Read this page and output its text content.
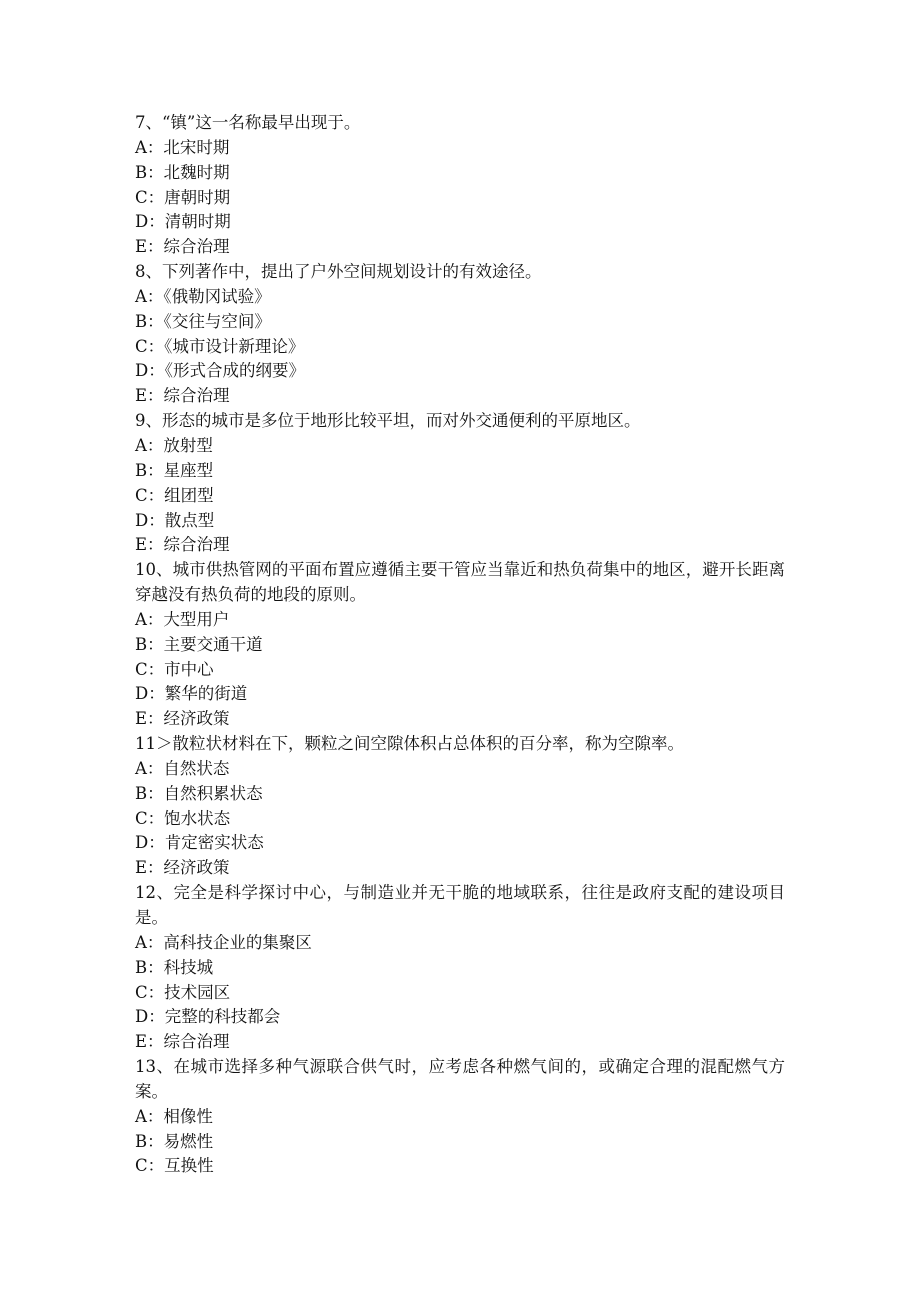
7、“镇”这一名称最早出现于。

A：北宋时期

B：北魏时期

C：唐朝时期

D：清朝时期

E：综合治理

8、下列著作中，提出了户外空间规划设计的有效途径。

A：《俄勒冈试验》

B：《交往与空间》

C：《城市设计新理论》

D：《形式合成的纲要》

E：综合治理

9、形态的城市是多位于地形比较平坦，而对外交通便利的平原地区。

A：放射型

B：星座型

C：组团型

D：散点型

E：综合治理

10、城市供热管网的平面布置应遵循主要干管应当靠近和热负荷集中的地区，避开长距离穿越没有热负荷的地段的原则。

A：大型用户

B：主要交通干道

C：市中心

D：繁华的街道

E：经济政策

11＞散粒状材料在下，颗粒之间空隙体积占总体积的百分率，称为空隙率。

A：自然状态

B：自然积累状态

C：饱水状态

D：肯定密实状态

E：经济政策

12、完全是科学探讨中心，与制造业并无干脆的地域联系，往往是政府支配的建设项目是。

A：高科技企业的集聚区

B：科技城

C：技术园区

D：完整的科技都会

E：综合治理

13、在城市选择多种气源联合供气时，应考虑各种燃气间的，或确定合理的混配燃气方案。

A：相像性

B：易燃性

C：互换性
